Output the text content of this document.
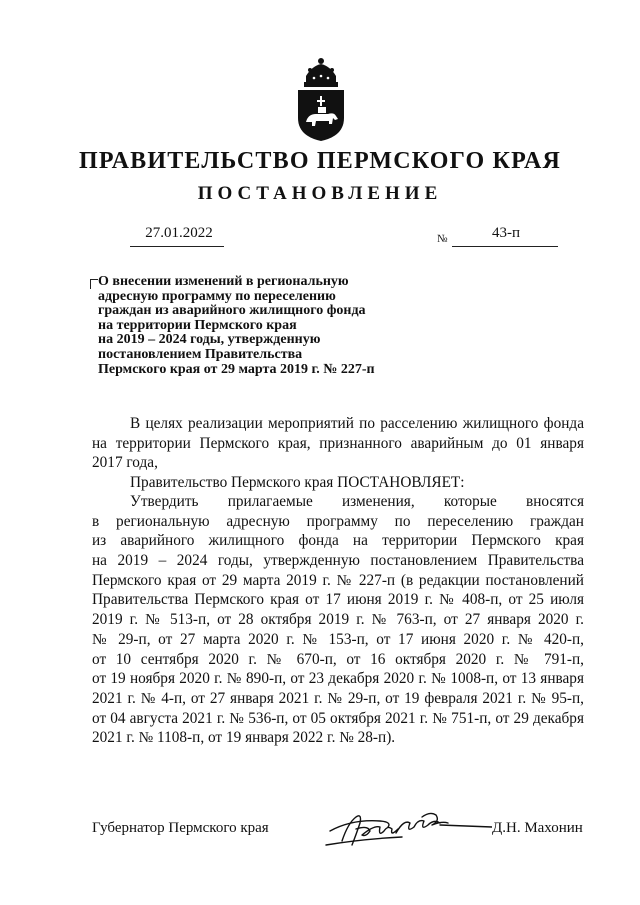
ПРАВИТЕЛЬСТВО ПЕРМСКОГО КРАЯ
ПОСТАНОВЛЕНИЕ
27.01.2022	№	43-п
О внесении изменений в региональную
адресную программу по переселению
граждан из аварийного жилищного фонда
на территории Пермского края
на 2019 – 2024 годы, утвержденную
постановлением Правительства
Пермского края от 29 марта 2019 г. № 227-п
В целях реализации мероприятий по расселению жилищного фонда
на территории Пермского края, признанного аварийным до 01 января
2017 года,
Правительство Пермского края ПОСТАНОВЛЯЕТ:
Утвердить прилагаемые изменения, которые вносятся
в региональную адресную программу по переселению граждан
из аварийного жилищного фонда на территории Пермского края
на 2019 – 2024 годы, утвержденную постановлением Правительства
Пермского края от 29 марта 2019 г. № 227-п (в редакции постановлений
Правительства Пермского края от 17 июня 2019 г. № 408-п, от 25 июля
2019 г. № 513-п, от 28 октября 2019 г. № 763-п, от 27 января 2020 г.
№ 29-п, от 27 марта 2020 г. № 153-п, от 17 июня 2020 г. № 420-п,
от 10 сентября 2020 г. № 670-п, от 16 октября 2020 г. № 791-п,
от 19 ноября 2020 г. № 890-п, от 23 декабря 2020 г. № 1008-п, от 13 января
2021 г. № 4-п, от 27 января 2021 г. № 29-п, от 19 февраля 2021 г. № 95-п,
от 04 августа 2021 г. № 536-п, от 05 октября 2021 г. № 751-п, от 29 декабря
2021 г. № 1108-п, от 19 января 2022 г. № 28-п).
Губернатор Пермского края	Д.Н. Махонин
